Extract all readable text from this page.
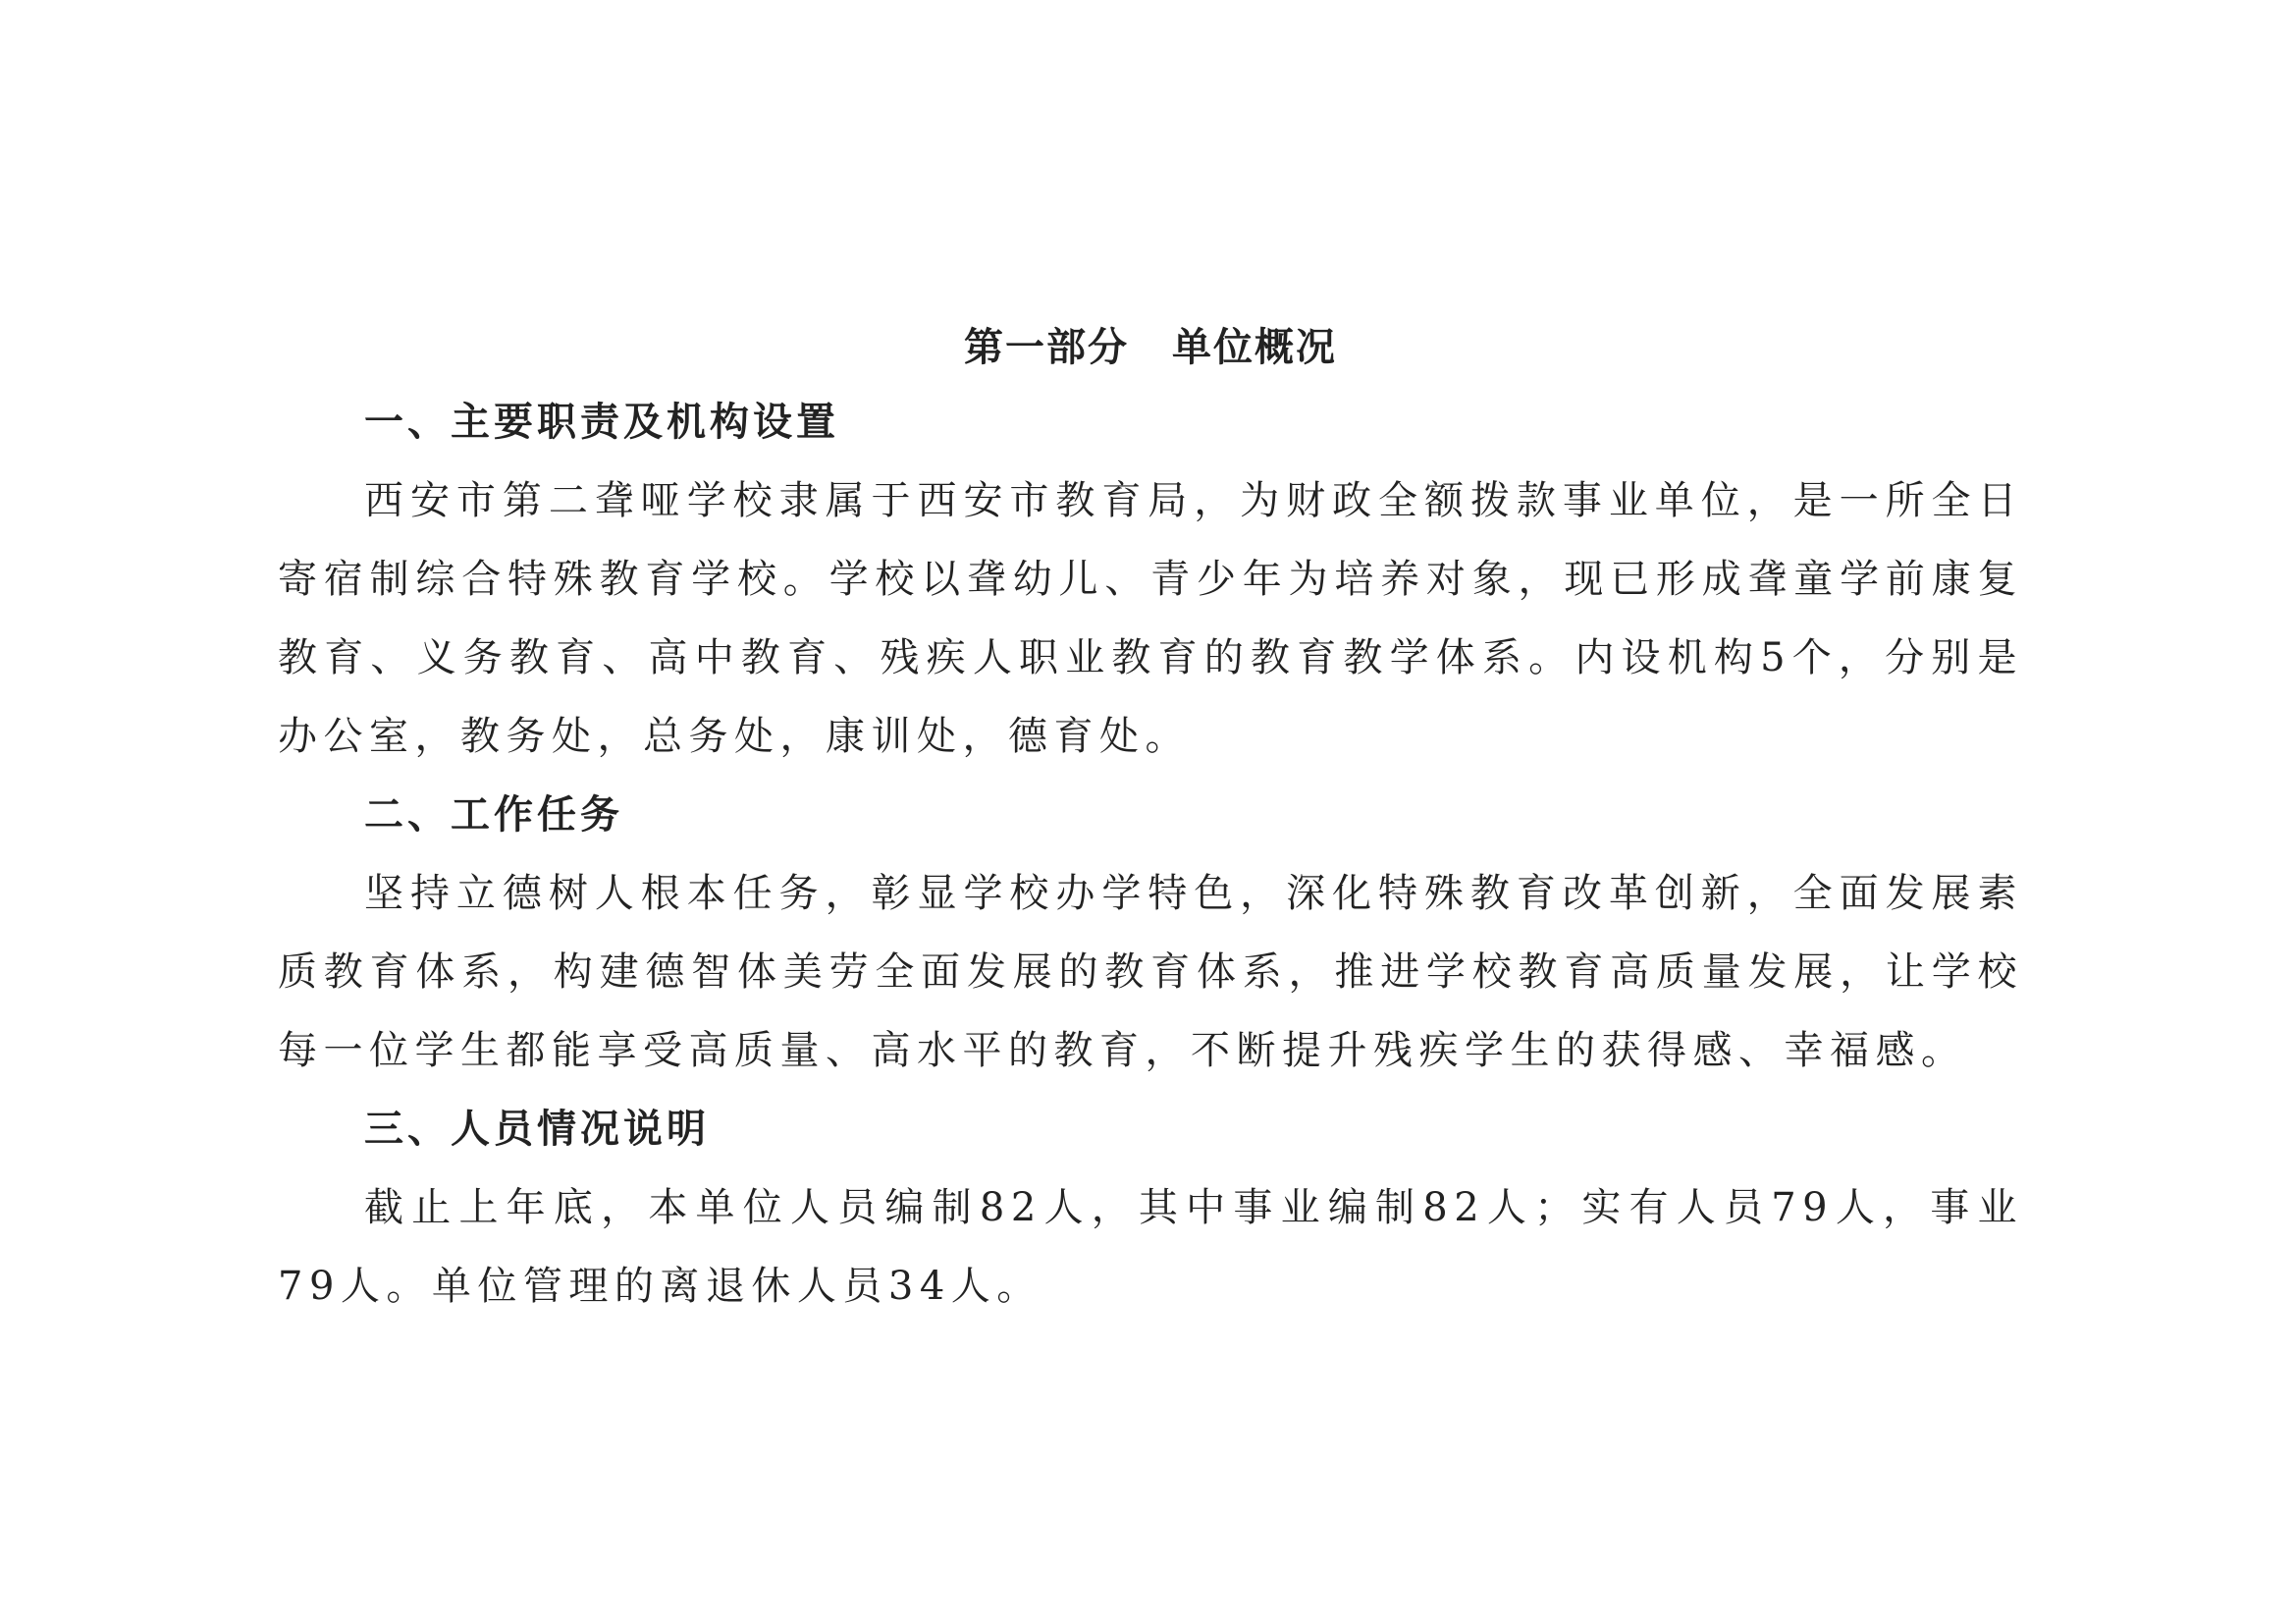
第一部分 单位概况
一、主要职责及机构设置

西安市第二聋哑学校隶属于西安市教育局，为财政全额拨款事业单位，是一所全日寄宿制综合特殊教育学校。学校以聋幼儿、青少年为培养对象，现已形成聋童学前康复教育、义务教育、高中教育、残疾人职业教育的教育教学体系。内设机构5个，分别是办公室，教务处，总务处，康训处，德育处。

二、工作任务

坚持立德树人根本任务，彰显学校办学特色，深化特殊教育改革创新，全面发展素质教育体系，构建德智体美劳全面发展的教育体系，推进学校教育高质量发展，让学校每一位学生都能享受高质量、高水平的教育，不断提升残疾学生的获得感、幸福感。

三、人员情况说明

截止上年底，本单位人员编制82人，其中事业编制82人；实有人员79人，事业79人。单位管理的离退休人员34人。
